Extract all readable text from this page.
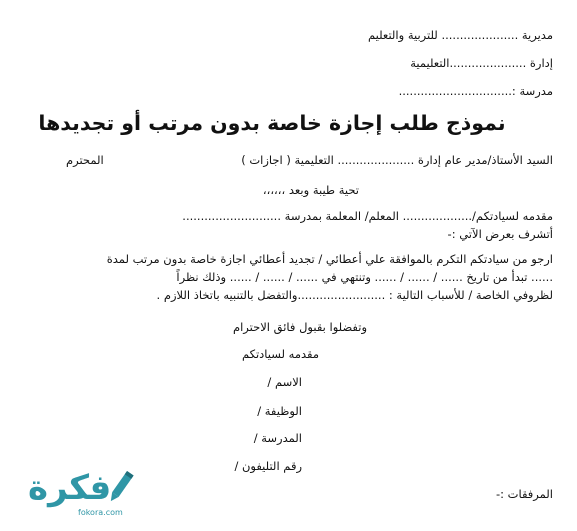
مديرية ..................... للتربية والتعليم
إدارة .....................التعليمية
مدرسة :...............................
نموذج طلب إجازة خاصة بدون مرتب أو تجديدها
السيد الأستاذ/مدير عام إدارة ..................... التعليمية ( اجازات )
المحترم
تحية طيبة وبعد ،،،،،،
مقدمه لسيادتكم/................... المعلم/ المعلمة بمدرسة ...........................
أتشرف بعرض الآتي :-
ارجو من سيادتكم التكرم بالموافقة علي أعطائي / تجديد أعطائي اجازة خاصة بدون مرتب لمدة
...... تبدأ من تاريخ ...... / ...... / ...... وتنتهي في ...... / ...... / ...... وذلك نظراً
لظروفي الخاصة / للأسباب التالية : ........................والتفضل بالتنبيه باتخاذ اللازم .
وتفضلوا بقبول فائق الاحترام
مقدمه لسيادتكم
الاسم /
الوظيفة /
المدرسة /
رقم التليفون /
المرفقات :-
فكرة
fokora.com
